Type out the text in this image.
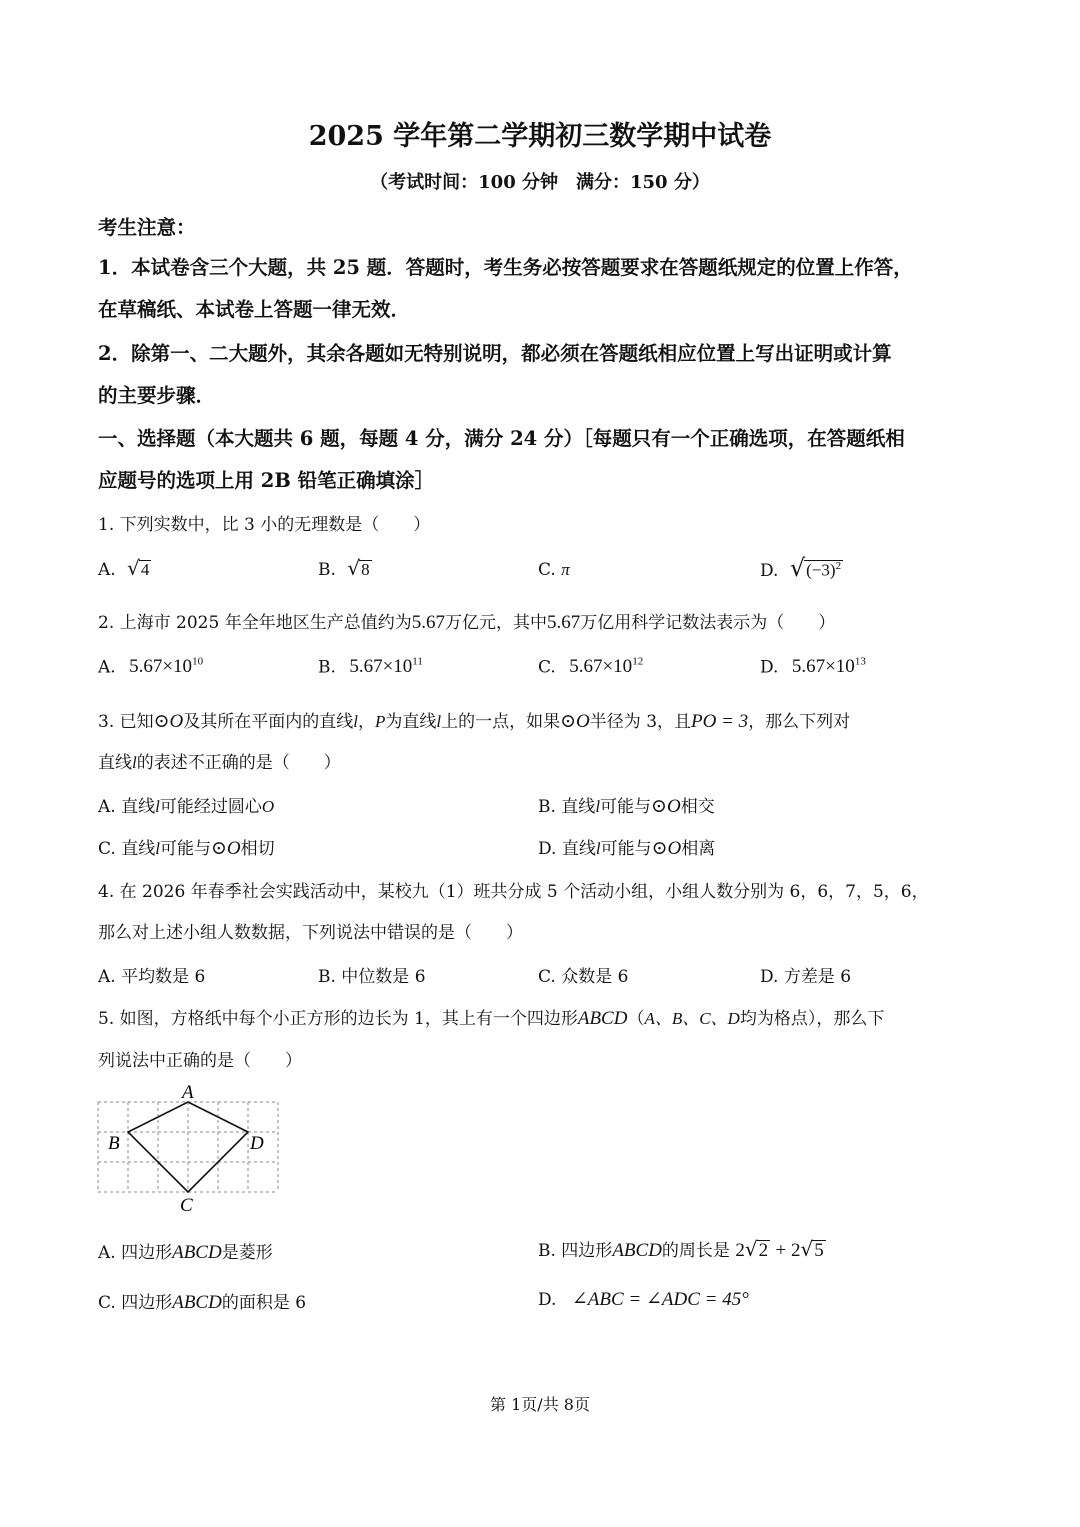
2025 学年第二学期初三数学期中试卷
（考试时间：100 分钟　满分：150 分）
考生注意：
1．本试卷含三个大题，共 25 题．答题时，考生务必按答题要求在答题纸规定的位置上作答，
在草稿纸、本试卷上答题一律无效．
2．除第一、二大题外，其余各题如无特别说明，都必须在答题纸相应位置上写出证明或计算
的主要步骤．
一、选择题（本大题共 6 题，每题 4 分，满分 24 分）［每题只有一个正确选项，在答题纸相
应题号的选项上用 2B 铅笔正确填涂］
1. 下列实数中，比 3 小的无理数是（　　）
A. √4	B. √8	C. π	D. $√(-3)^2$
2. 上海市 2025 年全年地区生产总值约为5.67万亿元，其中5.67万亿用科学记数法表示为（　　）
A. $5.67\times 10^{10}$	B. $5.67\times 10^{11}$	C. $5.67\times 10^{12}$	D. $5.67\times 10^{13}$
3. 已知⊙O及其所在平面内的直线l，P为直线l上的一点，如果⊙O半径为 3，且PO = 3，那么下列对
直线l的表述不正确的是（　　）
A. 直线l可能经过圆心O	B. 直线l可能与⊙O相交
C. 直线l可能与⊙O相切	D. 直线l可能与⊙O相离
4. 在 2026 年春季社会实践活动中，某校九（1）班共分成 5 个活动小组，小组人数分别为 6，6，7，5，6，
那么对上述小组人数数据，下列说法中错误的是（　　）
A. 平均数是 6	B. 中位数是 6	C. 众数是 6	D. 方差是 6
5. 如图，方格纸中每个小正方形的边长为 1，其上有一个四边形ABCD（A、B、C、D均为格点），那么下
列说法中正确的是（　　）
A
B
C
D
A. 四边形ABCD是菱形	B. 四边形ABCD的周长是 2√2 + 2√5
C. 四边形ABCD的面积是 6	D. ∠ABC = ∠ADC = 45°
第 1页/共 8页
